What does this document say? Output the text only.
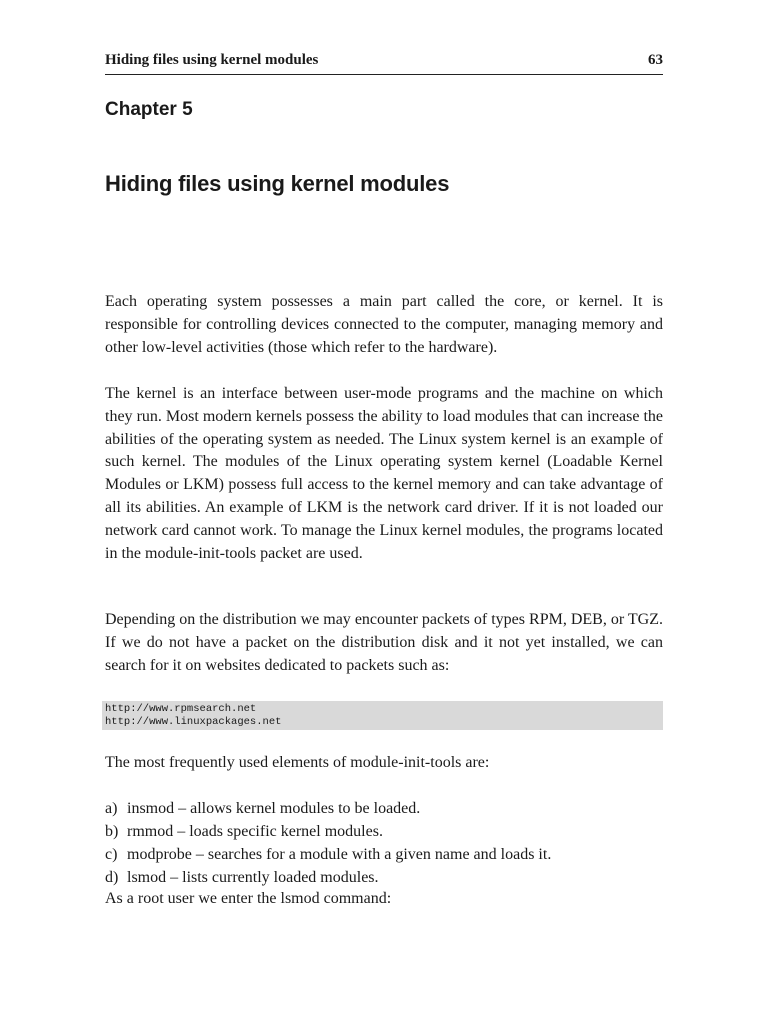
Hiding files using kernel modules	63
Chapter 5
Hiding files using kernel modules

Each operating system possesses a main part called the core, or kernel. It is responsible for controlling devices connected to the computer, managing memory and other low-level activities (those which refer to the hardware).

The kernel is an interface between user-mode programs and the machine on which they run. Most modern kernels possess the ability to load modules that can increase the abilities of the operating system as needed. The Linux system kernel is an example of such kernel. The modules of the Linux operating system kernel (Loadable Kernel Modules or LKM) possess full access to the kernel memory and can take advantage of all its abilities. An example of LKM is the network card driver. If it is not loaded our network card cannot work. To manage the Linux kernel modules, the programs located in the module-init-tools packet are used.

Depending on the distribution we may encounter packets of types RPM, DEB, or TGZ. If we do not have a packet on the distribution disk and it not yet installed, we can search for it on websites dedicated to packets such as:

http://www.rpmsearch.net
http://www.linuxpackages.net

The most frequently used elements of module-init-tools are:

a) insmod – allows kernel modules to be loaded.
b) rmmod – loads specific kernel modules.
c) modprobe – searches for a module with a given name and loads it.
d) lsmod – lists currently loaded modules.

As a root user we enter the lsmod command:
